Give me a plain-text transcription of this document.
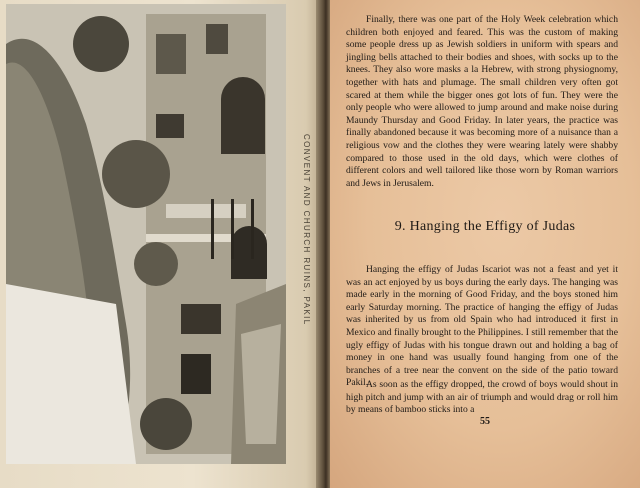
CONVENT AND CHURCH RUINS, PAKIL

Finally, there was one part of the Holy Week celebration which children both enjoyed and feared. This was the custom of making some people dress up as Jewish soldiers in uniform with spears and jingling bells attached to their bodies and shoes, with socks up to the knees. They also wore masks a la Hebrew, with strong physiognomy, together with hats and plumage. The small children very often got scared at them while the bigger ones got lots of fun. They were the only people who were allowed to jump around and make noise during Maundy Thursday and Good Friday. In later years, the practice was finally abandoned because it was becoming more of a nuisance than a religious vow and the clothes they were wearing lately were shabby compared to those used in the old days, which were clothes of different colors and well tailored like those worn by Roman warriors and Jews in Jerusalem.

9. Hanging the Effigy of Judas

Hanging the effigy of Judas Iscariot was not a feast and yet it was an act enjoyed by us boys during the early days. The hanging was made early in the morning of Good Friday, and the boys stoned him early Saturday morning. The practice of hanging the effigy of Judas was inherited by us from old Spain who had introduced it first in Mexico and finally brought to the Philippines. I still remember that the ugly effigy of Judas with his tongue drawn out and holding a bag of money in one hand was usually found hanging from one of the branches of a tree near the convent on the side of the patio toward Pakil.

As soon as the effigy dropped, the crowd of boys would shout in high pitch and jump with an air of triumph and would drag or roll him by means of bamboo sticks into a

55
